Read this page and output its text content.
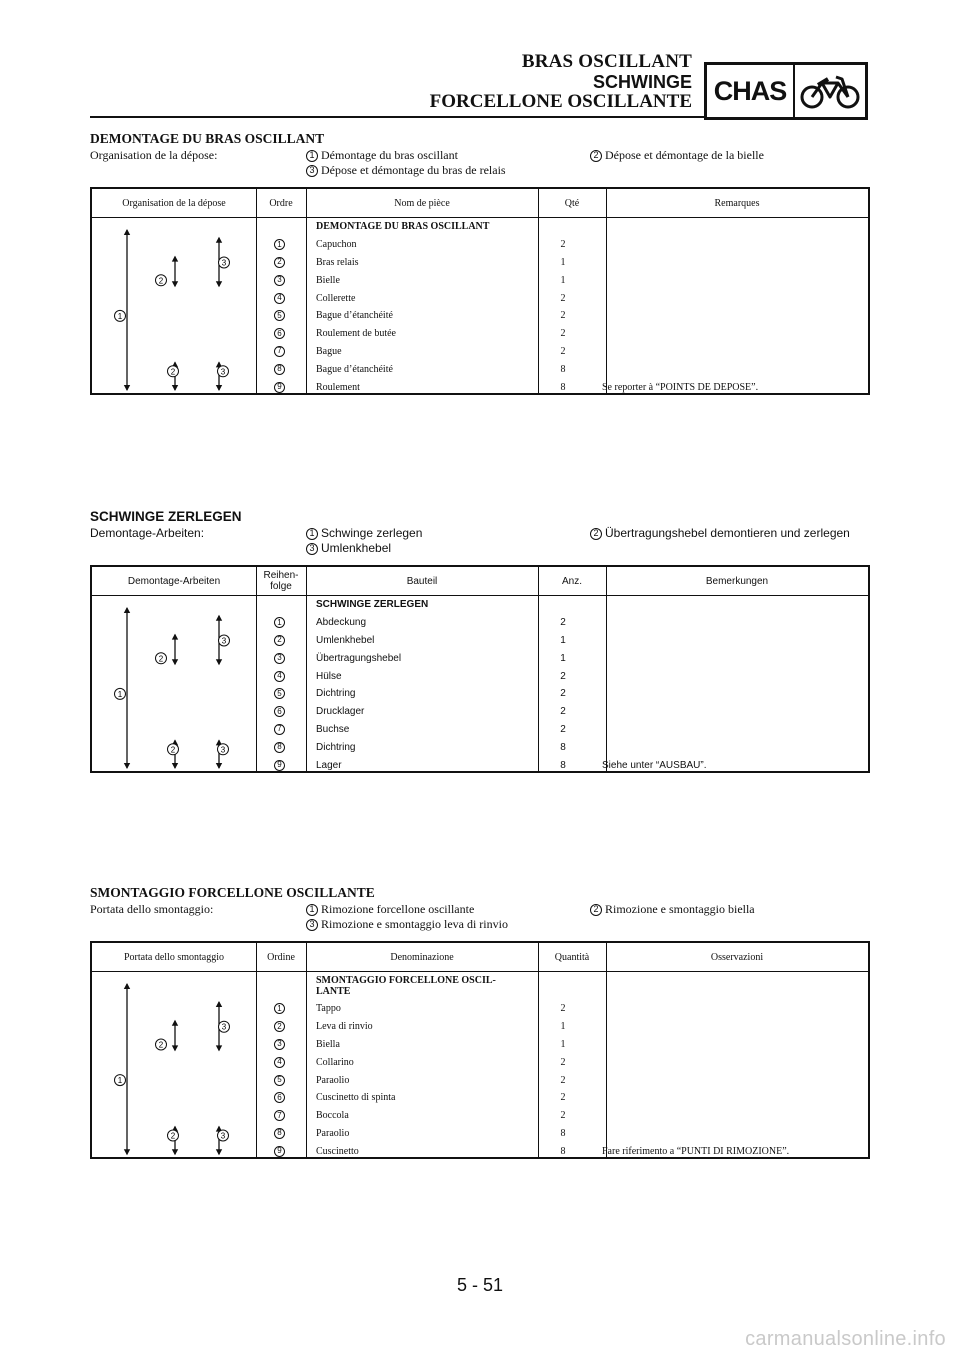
BRAS OSCILLANT
SCHWINGE
FORCELLONE OSCILLANTE CHAS
DEMONTAGE DU BRAS OSCILLANT
Organisation de la dépose:	1 Démontage du bras oscillant	2 Dépose et démontage de la bielle
3 Dépose et démontage du bras de relais
Organisation de la dépose	Ordre	Nom de pièce	Qté	Remarques
DEMONTAGE DU BRAS OSCILLANT
1	Capuchon	2
2	Bras relais	1
3	Bielle	1
4	Collerette	2
5	Bague d’étanchéité	2
6	Roulement de butée	2
7	Bague	2
8	Bague d’étanchéité	8
9	Roulement	8	Se reporter à “POINTS DE DEPOSE”.
1
2
3
2	3
SCHWINGE ZERLEGEN
Demontage-Arbeiten:	1 Schwinge zerlegen	2 Übertragungshebel demontieren und zerlegen
3 Umlenkhebel
Demontage-Arbeiten	Reihen-
folge	Bauteil	Anz.	Bemerkungen
SCHWINGE ZERLEGEN
1	Abdeckung	2
2	Umlenkhebel	1
3	Übertragungshebel	1
4	Hülse	2
5	Dichtring	2
6	Drucklager	2
7	Buchse	2
8	Dichtring	8
9	Lager	8	Siehe unter “AUSBAU”.
1
2
3
2	3
SMONTAGGIO FORCELLONE OSCILLANTE
Portata dello smontaggio:	1 Rimozione forcellone oscillante	2 Rimozione e smontaggio biella
3 Rimozione e smontaggio leva di rinvio
Portata dello smontaggio	Ordine	Denominazione	Quantità	Osservazioni
SMONTAGGIO FORCELLONE OSCIL-
LANTE
1	Tappo	2
2	Leva di rinvio	1
3	Biella	1
4	Collarino	2
5	Paraolio	2
6	Cuscinetto di spinta	2
7	Boccola	2
8	Paraolio	8
9	Cuscinetto	8	Fare riferimento a “PUNTI DI RIMOZIONE”.
1
2
3
2	3
5 - 51
carmanualsonline.info
